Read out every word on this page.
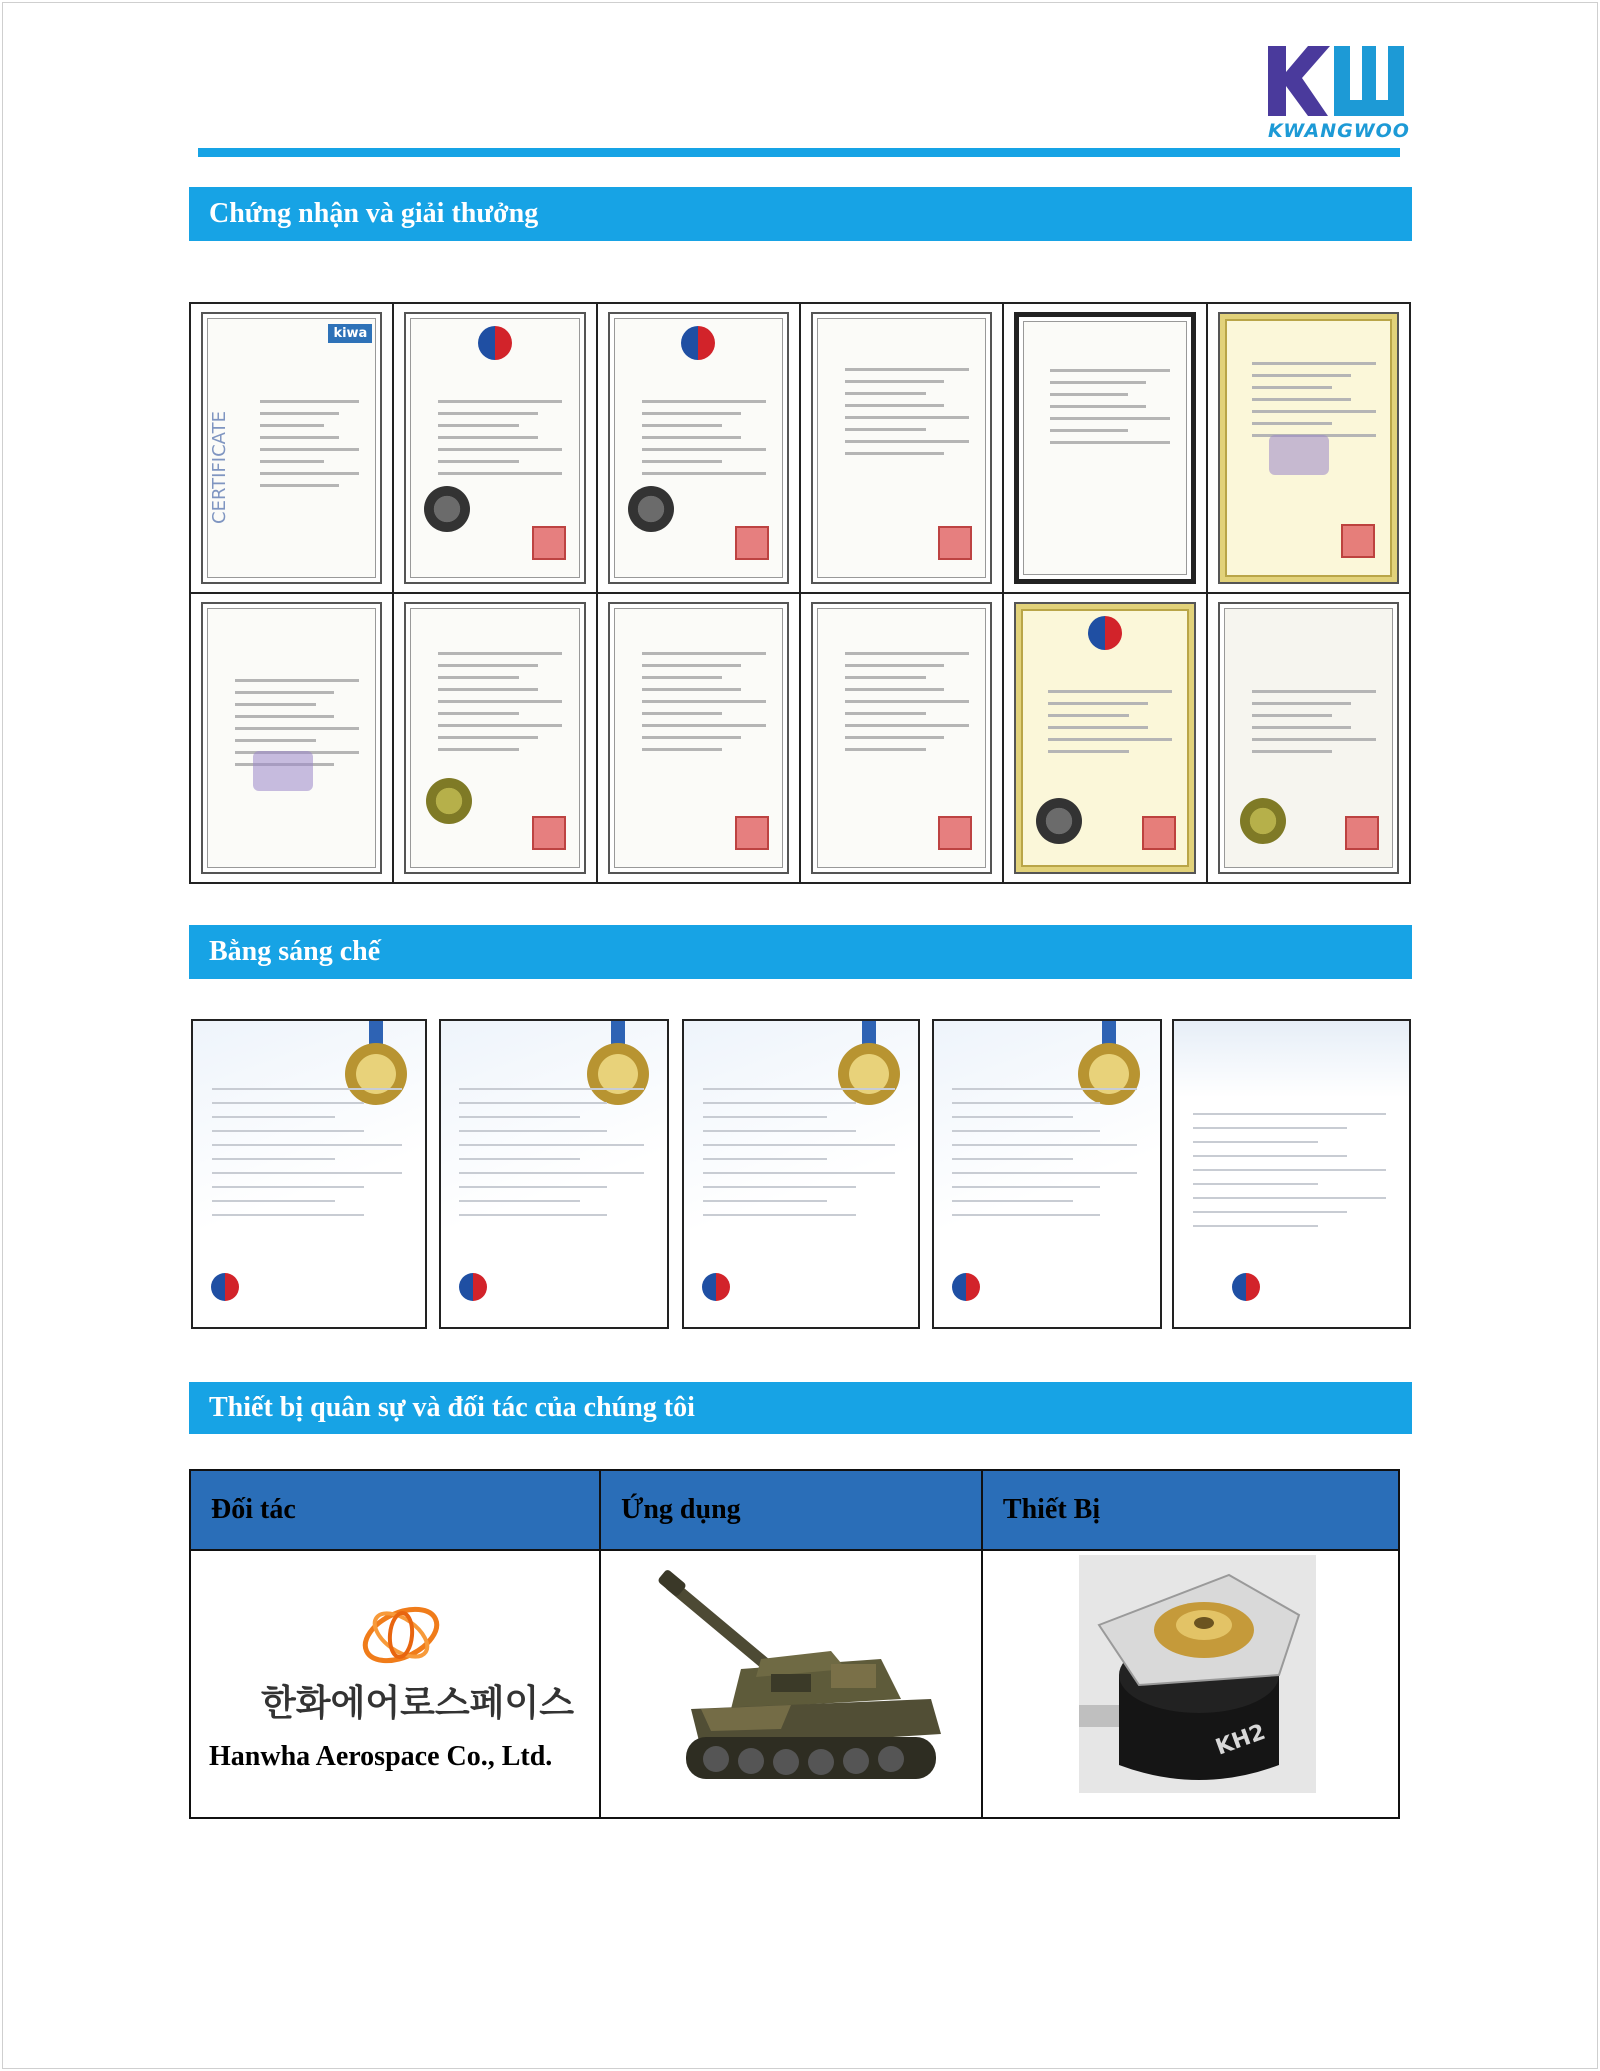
KWANGWOO
Chứng nhận và giải thưởng
CERTIFICATE
kiwa
Bằng sáng chế
Thiết bị quân sự và đối tác của chúng tôi
Đối tác	Ứng dụng	Thiết Bị

한화에어로스페이스
Hanwha Aerospace Co., Ltd.		KH2
